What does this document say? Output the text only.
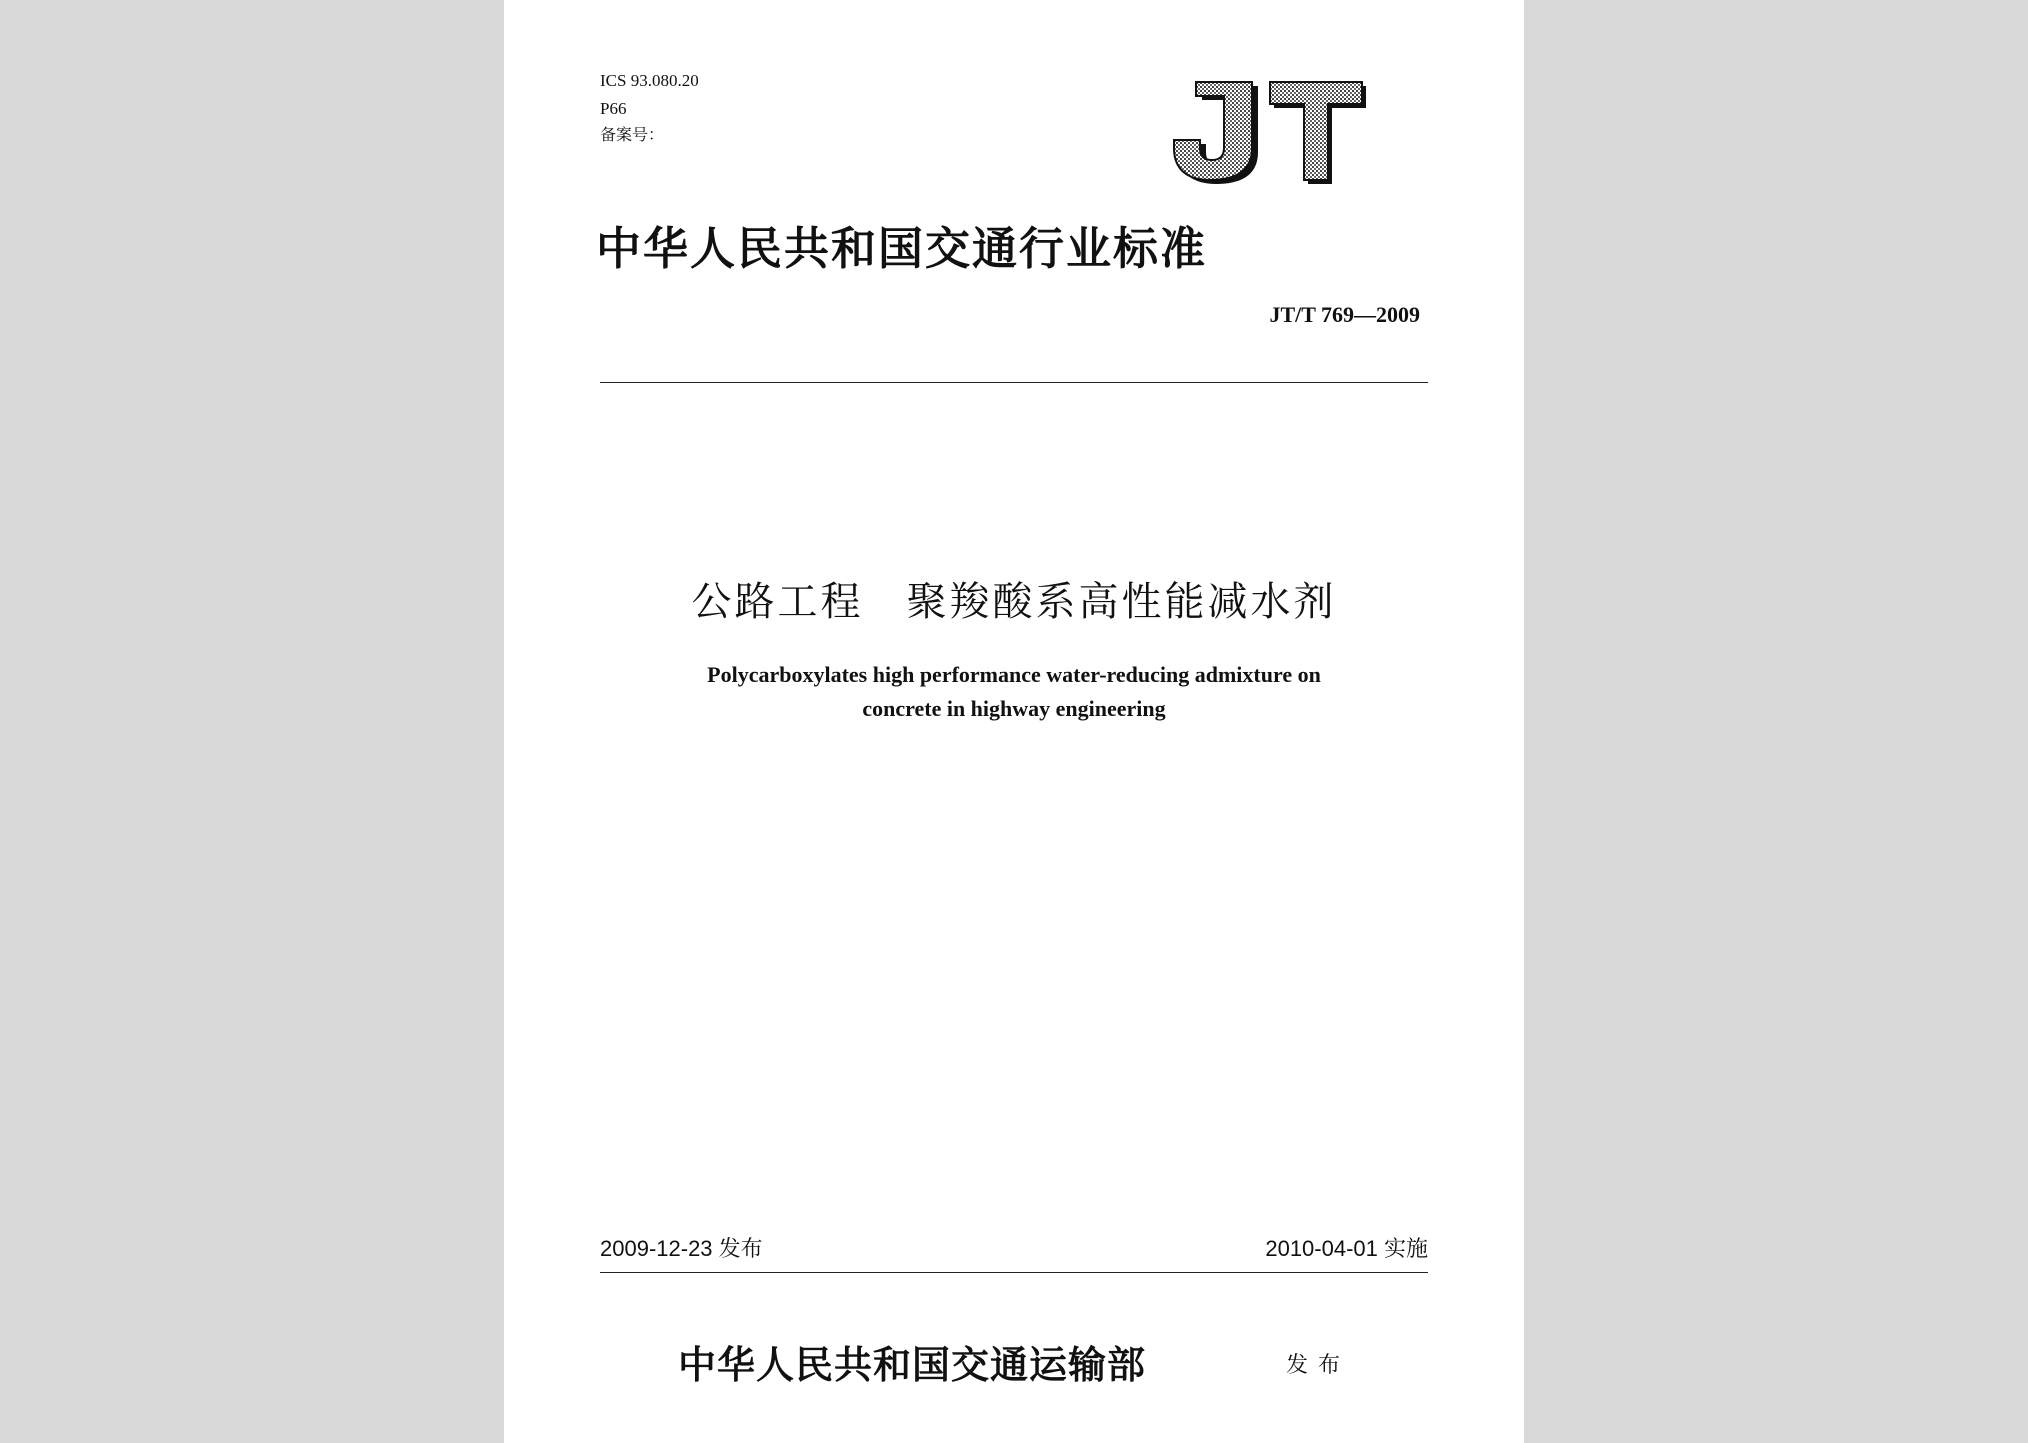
ICS 93.080.20
P66
备案号：
中华人民共和国交通行业标准
JT/T 769—2009
公路工程　聚羧酸系高性能减水剂
Polycarboxylates high performance water-reducing admixture on
concrete in highway engineering
2009-12-23 发布	2010-04-01 实施
中华人民共和国交通运输部	发布
